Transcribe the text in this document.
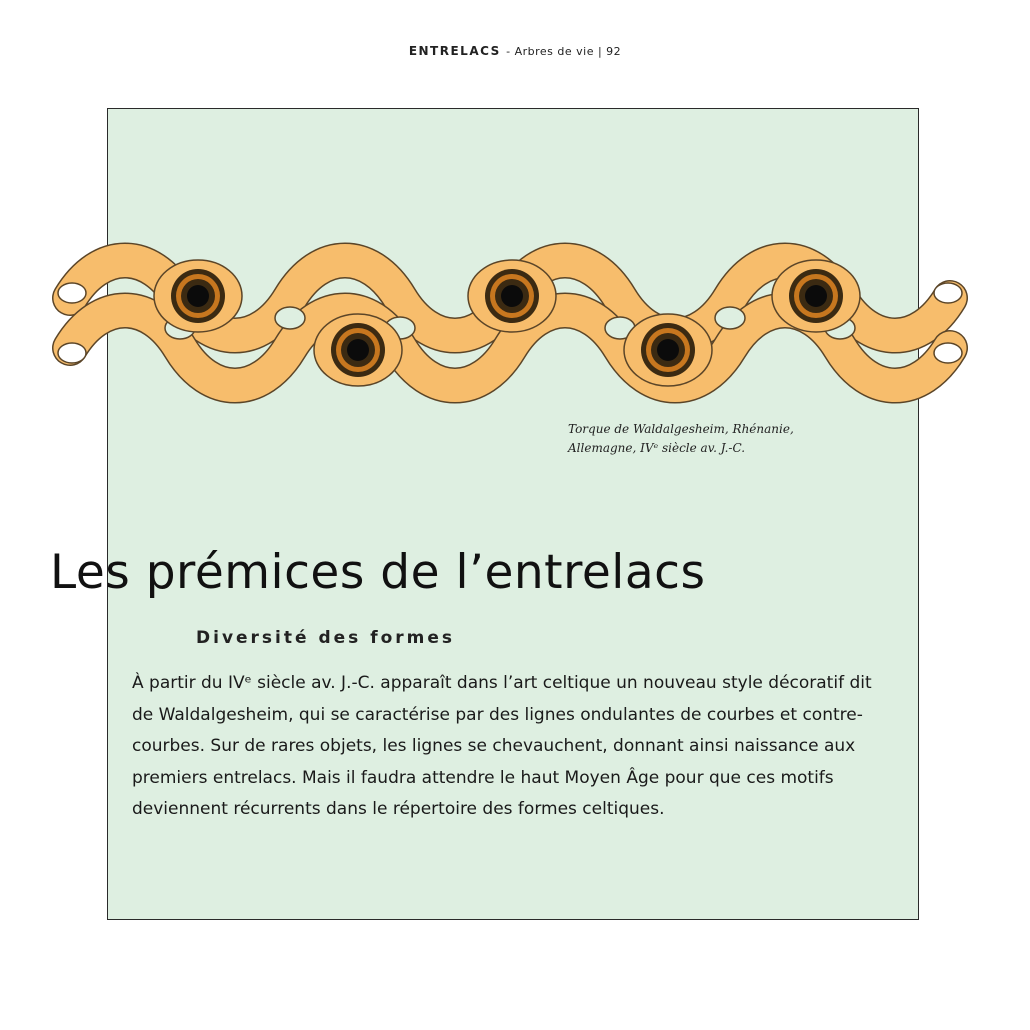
ENTRELACS - Arbres de vie | 92
Torque de Waldalgesheim, Rhénanie,
Allemagne, IVᵉ siècle av. J.-C.
Les prémices de l’entrelacs
Diversité des formes

À partir du IVᵉ siècle av. J.-C. apparaît dans l’art celtique un nouveau style décoratif dit de Waldalgesheim, qui se caractérise par des lignes ondulantes de courbes et contre-courbes. Sur de rares objets, les lignes se chevauchent, donnant ainsi naissance aux premiers entrelacs. Mais il faudra attendre le haut Moyen Âge pour que ces motifs deviennent récurrents dans le répertoire des formes celtiques.
